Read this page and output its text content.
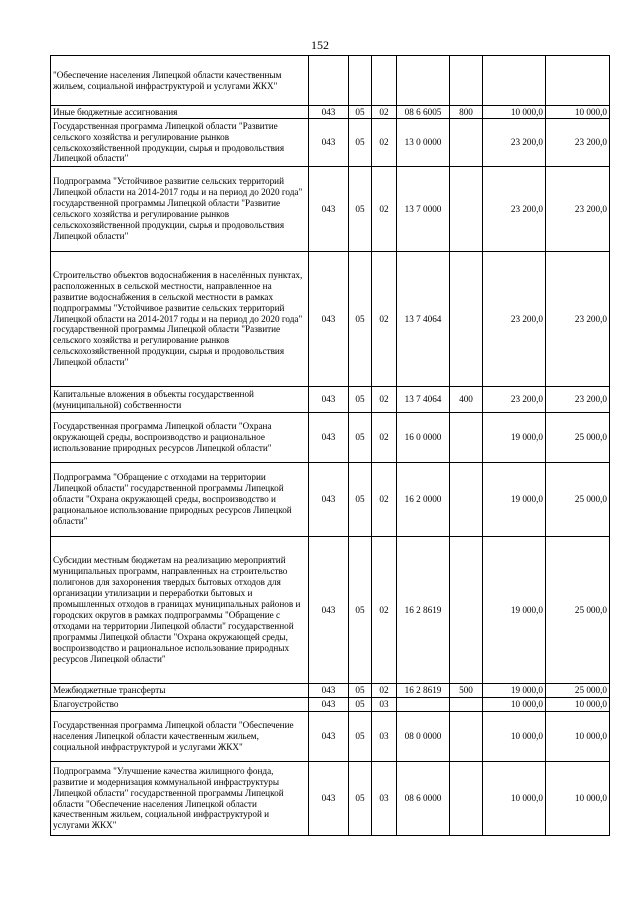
152
"Обеспечение населения Липецкой области качественным жильем, социальной инфраструктурой и услугами ЖКХ"							
Иные бюджетные ассигнования	043	05	02	08 6 6005	800	10 000,0	10 000,0
Государственная программа Липецкой области "Развитие сельского хозяйства и регулирование рынков сельскохозяйственной продукции, сырья и продовольствия Липецкой области"	043	05	02	13 0 0000		23 200,0	23 200,0
Подпрограмма "Устойчивое развитие сельских территорий Липецкой области на 2014-2017 годы и на период до 2020 года" государственной программы Липецкой области "Развитие сельского хозяйства и регулирование рынков сельскохозяйственной продукции, сырья и продовольствия Липецкой области"	043	05	02	13 7 0000		23 200,0	23 200,0
Строительство объектов водоснабжения в населённых пунктах, расположенных в сельской местности, направленное на развитие водоснабжения в сельской местности в рамках подпрограммы "Устойчивое развитие сельских территорий Липецкой области на 2014-2017 годы и на период до 2020 года" государственной программы Липецкой области "Развитие сельского хозяйства и регулирование рынков сельскохозяйственной продукции, сырья и продовольствия Липецкой области"	043	05	02	13 7 4064		23 200,0	23 200,0
Капитальные вложения в объекты государственной (муниципальной) собственности	043	05	02	13 7 4064	400	23 200,0	23 200,0
Государственная программа Липецкой области "Охрана окружающей среды, воспроизводство и рациональное использование природных ресурсов Липецкой области"	043	05	02	16 0 0000		19 000,0	25 000,0
Подпрограмма "Обращение с отходами на территории Липецкой области" государственной программы Липецкой области "Охрана окружающей среды, воспроизводство и рациональное использование природных ресурсов Липецкой области"	043	05	02	16 2 0000		19 000,0	25 000,0
Субсидии местным бюджетам на реализацию мероприятий муниципальных программ, направленных на строительство полигонов для захоронения твердых бытовых отходов для организации утилизации и переработки бытовых и промышленных отходов в границах муниципальных районов и городских округов в рамках подпрограммы "Обращение с отходами на территории Липецкой области" государственной программы Липецкой области "Охрана окружающей среды, воспроизводство и рациональное использование природных ресурсов Липецкой области"	043	05	02	16 2 8619		19 000,0	25 000,0
Межбюджетные трансферты	043	05	02	16 2 8619	500	19 000,0	25 000,0
Благоустройство	043	05	03			10 000,0	10 000,0
Государственная программа Липецкой области "Обеспечение населения Липецкой области качественным жильем, социальной инфраструктурой и услугами ЖКХ"	043	05	03	08 0 0000		10 000,0	10 000,0
Подпрограмма "Улучшение качества жилищного фонда, развитие и модернизация коммунальной инфраструктуры Липецкой области" государственной программы Липецкой области "Обеспечение населения Липецкой области качественным жильем, социальной инфраструктурой и услугами ЖКХ"	043	05	03	08 6 0000		10 000,0	10 000,0
